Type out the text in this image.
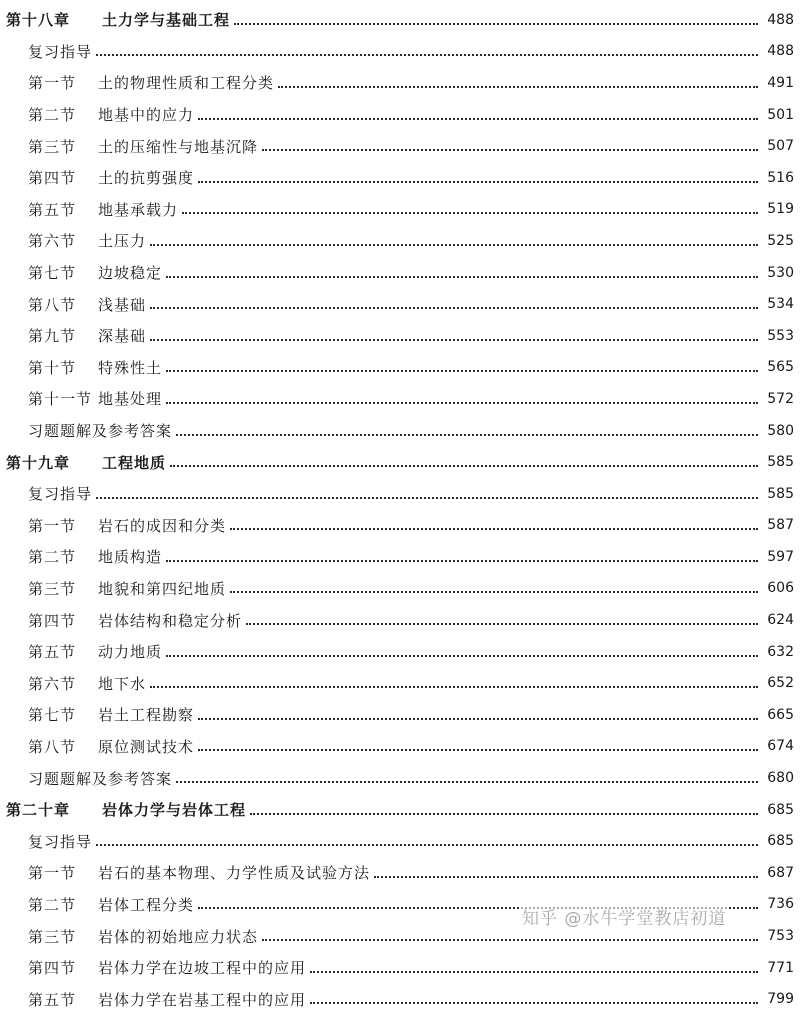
第十八章	土力学与基础工程	488
复习指导	488
第一节	土的物理性质和工程分类	491
第二节	地基中的应力	501
第三节	土的压缩性与地基沉降	507
第四节	土的抗剪强度	516
第五节	地基承载力	519
第六节	土压力	525
第七节	边坡稳定	530
第八节	浅基础	534
第九节	深基础	553
第十节	特殊性土	565
第十一节 地基处理	572
习题题解及参考答案	580
第十九章	工程地质	585
复习指导	585
第一节	岩石的成因和分类	587
第二节	地质构造	597
第三节	地貌和第四纪地质	606
第四节	岩体结构和稳定分析	624
第五节	动力地质	632
第六节	地下水	652
第七节	岩土工程勘察	665
第八节	原位测试技术	674
习题题解及参考答案	680
第二十章	岩体力学与岩体工程	685
复习指导	685
第一节	岩石的基本物理、力学性质及试验方法	687
第二节	岩体工程分类	736
第三节	岩体的初始地应力状态	753
第四节	岩体力学在边坡工程中的应用	771
第五节	岩体力学在岩基工程中的应用	799
知乎 @水牛学堂教店初道
